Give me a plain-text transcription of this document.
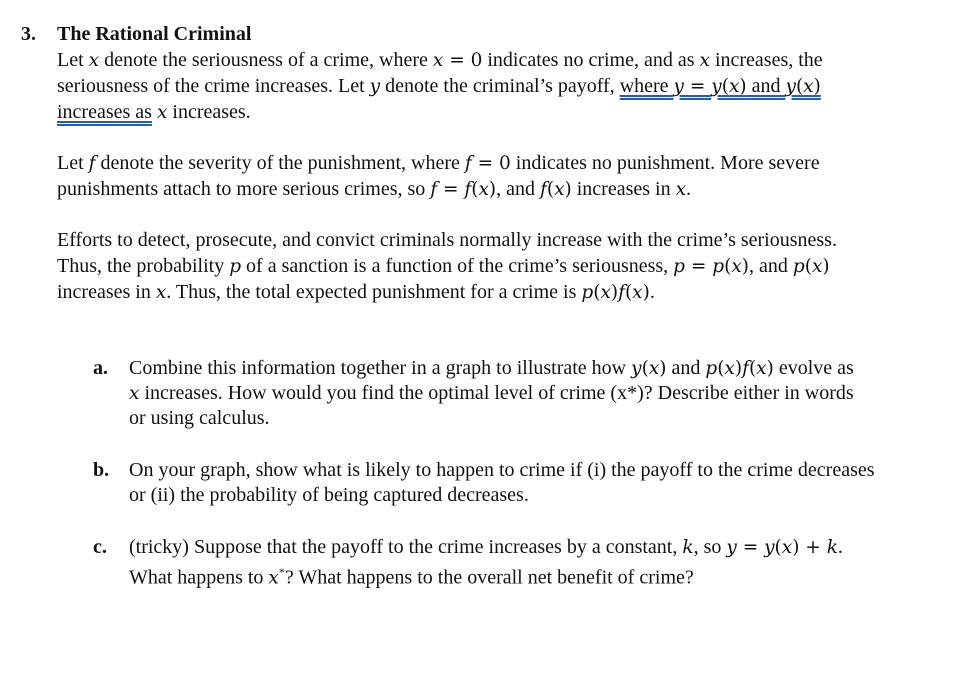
3. The Rational Criminal
Let x denote the seriousness of a crime, where x = 0 indicates no crime, and as x increases, the
seriousness of the crime increases. Let y denote the criminal’s payoff, where y = y(x) and y(x)
increases as x increases.
Let f denote the severity of the punishment, where f = 0 indicates no punishment. More severe
punishments attach to more serious crimes, so f = f(x), and f(x) increases in x.
Efforts to detect, prosecute, and convict criminals normally increase with the crime’s seriousness.
Thus, the probability p of a sanction is a function of the crime’s seriousness, p = p(x), and p(x)
increases in x. Thus, the total expected punishment for a crime is p(x)f(x).
a. Combine this information together in a graph to illustrate how y(x) and p(x)f(x) evolve as
x increases. How would you find the optimal level of crime (x*)? Describe either in words
or using calculus.
b. On your graph, show what is likely to happen to crime if (i) the payoff to the crime decreases
or (ii) the probability of being captured decreases.
c. (tricky) Suppose that the payoff to the crime increases by a constant, k, so y = y(x) + k.
What happens to x*? What happens to the overall net benefit of crime?
